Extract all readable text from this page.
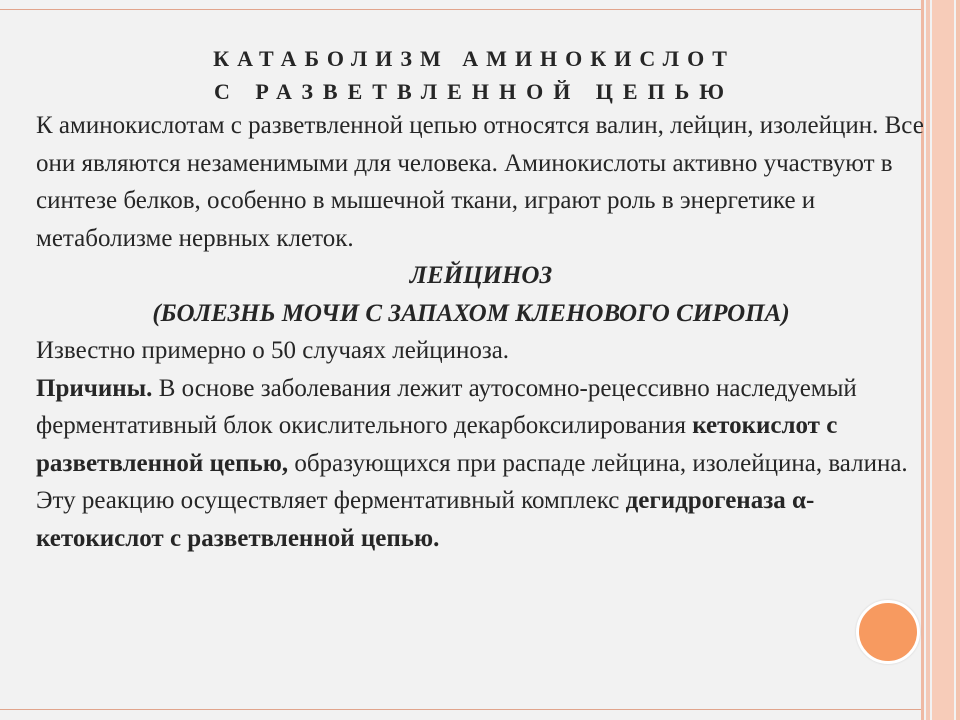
КАТАБОЛИЗМ АМИНОКИСЛОТ
С РАЗВЕТВЛЕННОЙ ЦЕПЬЮ

К аминокислотам с разветвленной цепью относятся валин, лейцин, изолейцин. Все они являются незаменимыми для человека. Аминокислоты активно участвуют в синтезе белков, особенно в мышечной ткани, играют роль в энергетике и метаболизме нервных клеток.

ЛЕЙЦИНОЗ

(БОЛЕЗНЬ МОЧИ С ЗАПАХОМ КЛЕНОВОГО СИРОПА)

Известно примерно о 50 случаях лейциноза.

Причины. В основе заболевания лежит аутосомно-рецессивно наследуемый ферментативный блок окислительного декарбоксилирования кетокислот с разветвленной цепью, образующихся при распаде лейцина, изолейцина, валина. Эту реакцию осуществляет ферментативный комплекс дегидрогеназа α-кетокислот с разветвленной цепью.
